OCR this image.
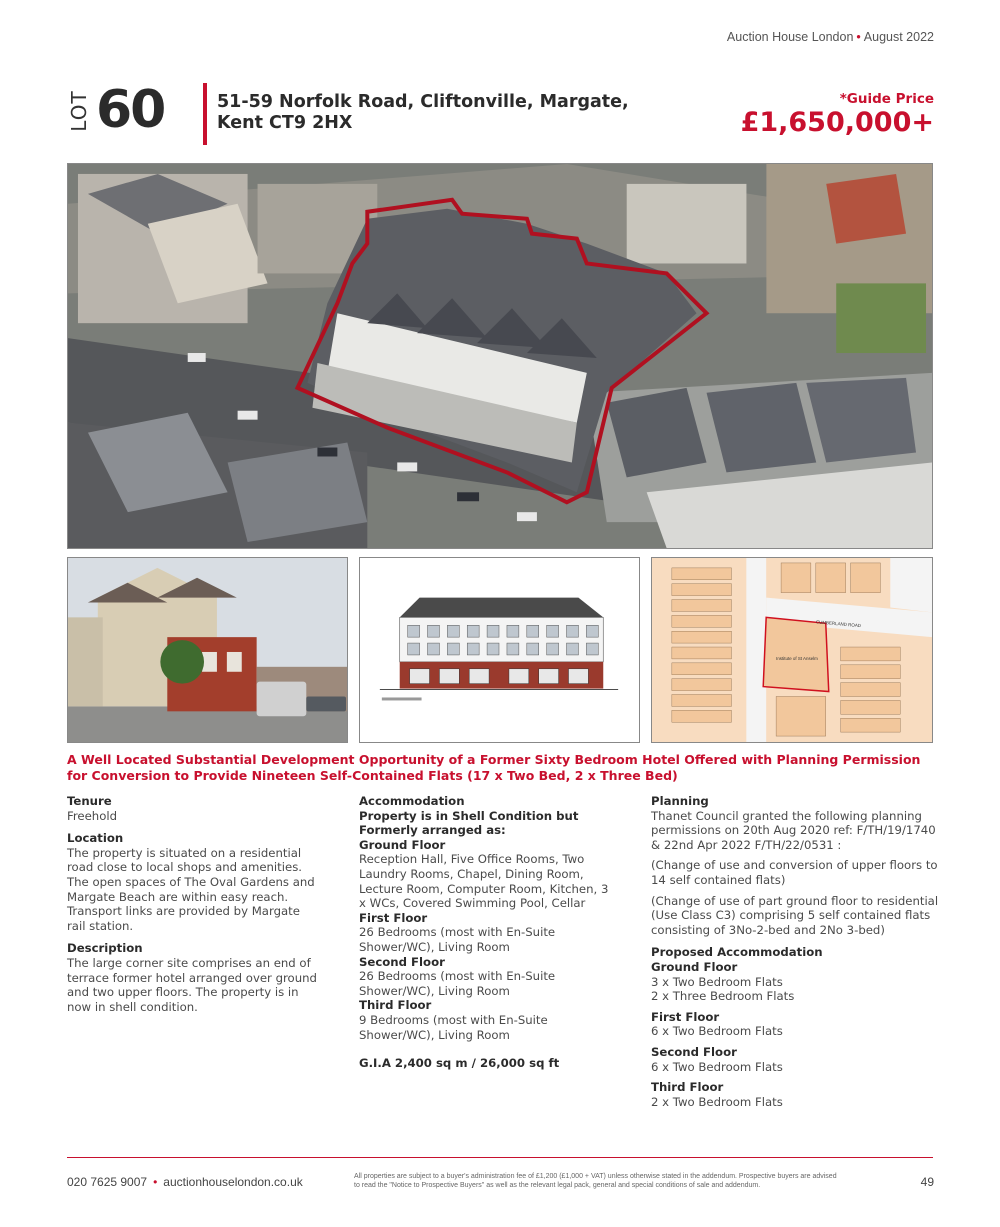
Auction House London • August 2022
LOT 60	51-59 Norfolk Road, Cliftonville, Margate,
Kent CT9 2HX
*Guide Price
£1,650,000+
CUMBERLAND ROAD
Institute of St Anselm
A Well Located Substantial Development Opportunity of a Former Sixty Bedroom Hotel Offered with Planning Permission for Conversion to Provide Nineteen Self-Contained Flats (17 x Two Bed, 2 x Three Bed)
Tenure
Freehold
Location
The property is situated on a residential road close to local shops and amenities. The open spaces of The Oval Gardens and Margate Beach are within easy reach. Transport links are provided by Margate rail station.
Description
The large corner site comprises an end of terrace former hotel arranged over ground and two upper floors. The property is in now in shell condition.
Accommodation
Property is in Shell Condition but Formerly arranged as:
Ground Floor
Reception Hall, Five Office Rooms, Two Laundry Rooms, Chapel, Dining Room, Lecture Room, Computer Room, Kitchen, 3 x WCs, Covered Swimming Pool, Cellar
First Floor
26 Bedrooms (most with En-Suite Shower/WC), Living Room
Second Floor
26 Bedrooms (most with En-Suite Shower/WC), Living Room
Third Floor
9 Bedrooms (most with En-Suite Shower/WC), Living Room
G.I.A 2,400 sq m / 26,000 sq ft
Planning
Thanet Council granted the following planning permissions on 20th Aug 2020 ref: F/TH/19/1740 & 22nd Apr 2022 F/TH/22/0531 :
(Change of use and conversion of upper floors to 14 self contained flats)
(Change of use of part ground floor to residential (Use Class C3) comprising 5 self contained flats consisting of 3No-2-bed and 2No 3-bed)
Proposed Accommodation
Ground Floor
3 x Two Bedroom Flats
2 x Three Bedroom Flats
First Floor
6 x Two Bedroom Flats
Second Floor
6 x Two Bedroom Flats
Third Floor
2 x Two Bedroom Flats
020 7625 9007 • auctionhouselondon.co.uk	All properties are subject to a buyer's administration fee of £1,200 (£1,000 + VAT) unless otherwise stated in the addendum. Prospective buyers are advised to read the "Notice to Prospective Buyers" as well as the relevant legal pack, general and special conditions of sale and addendum.	49
